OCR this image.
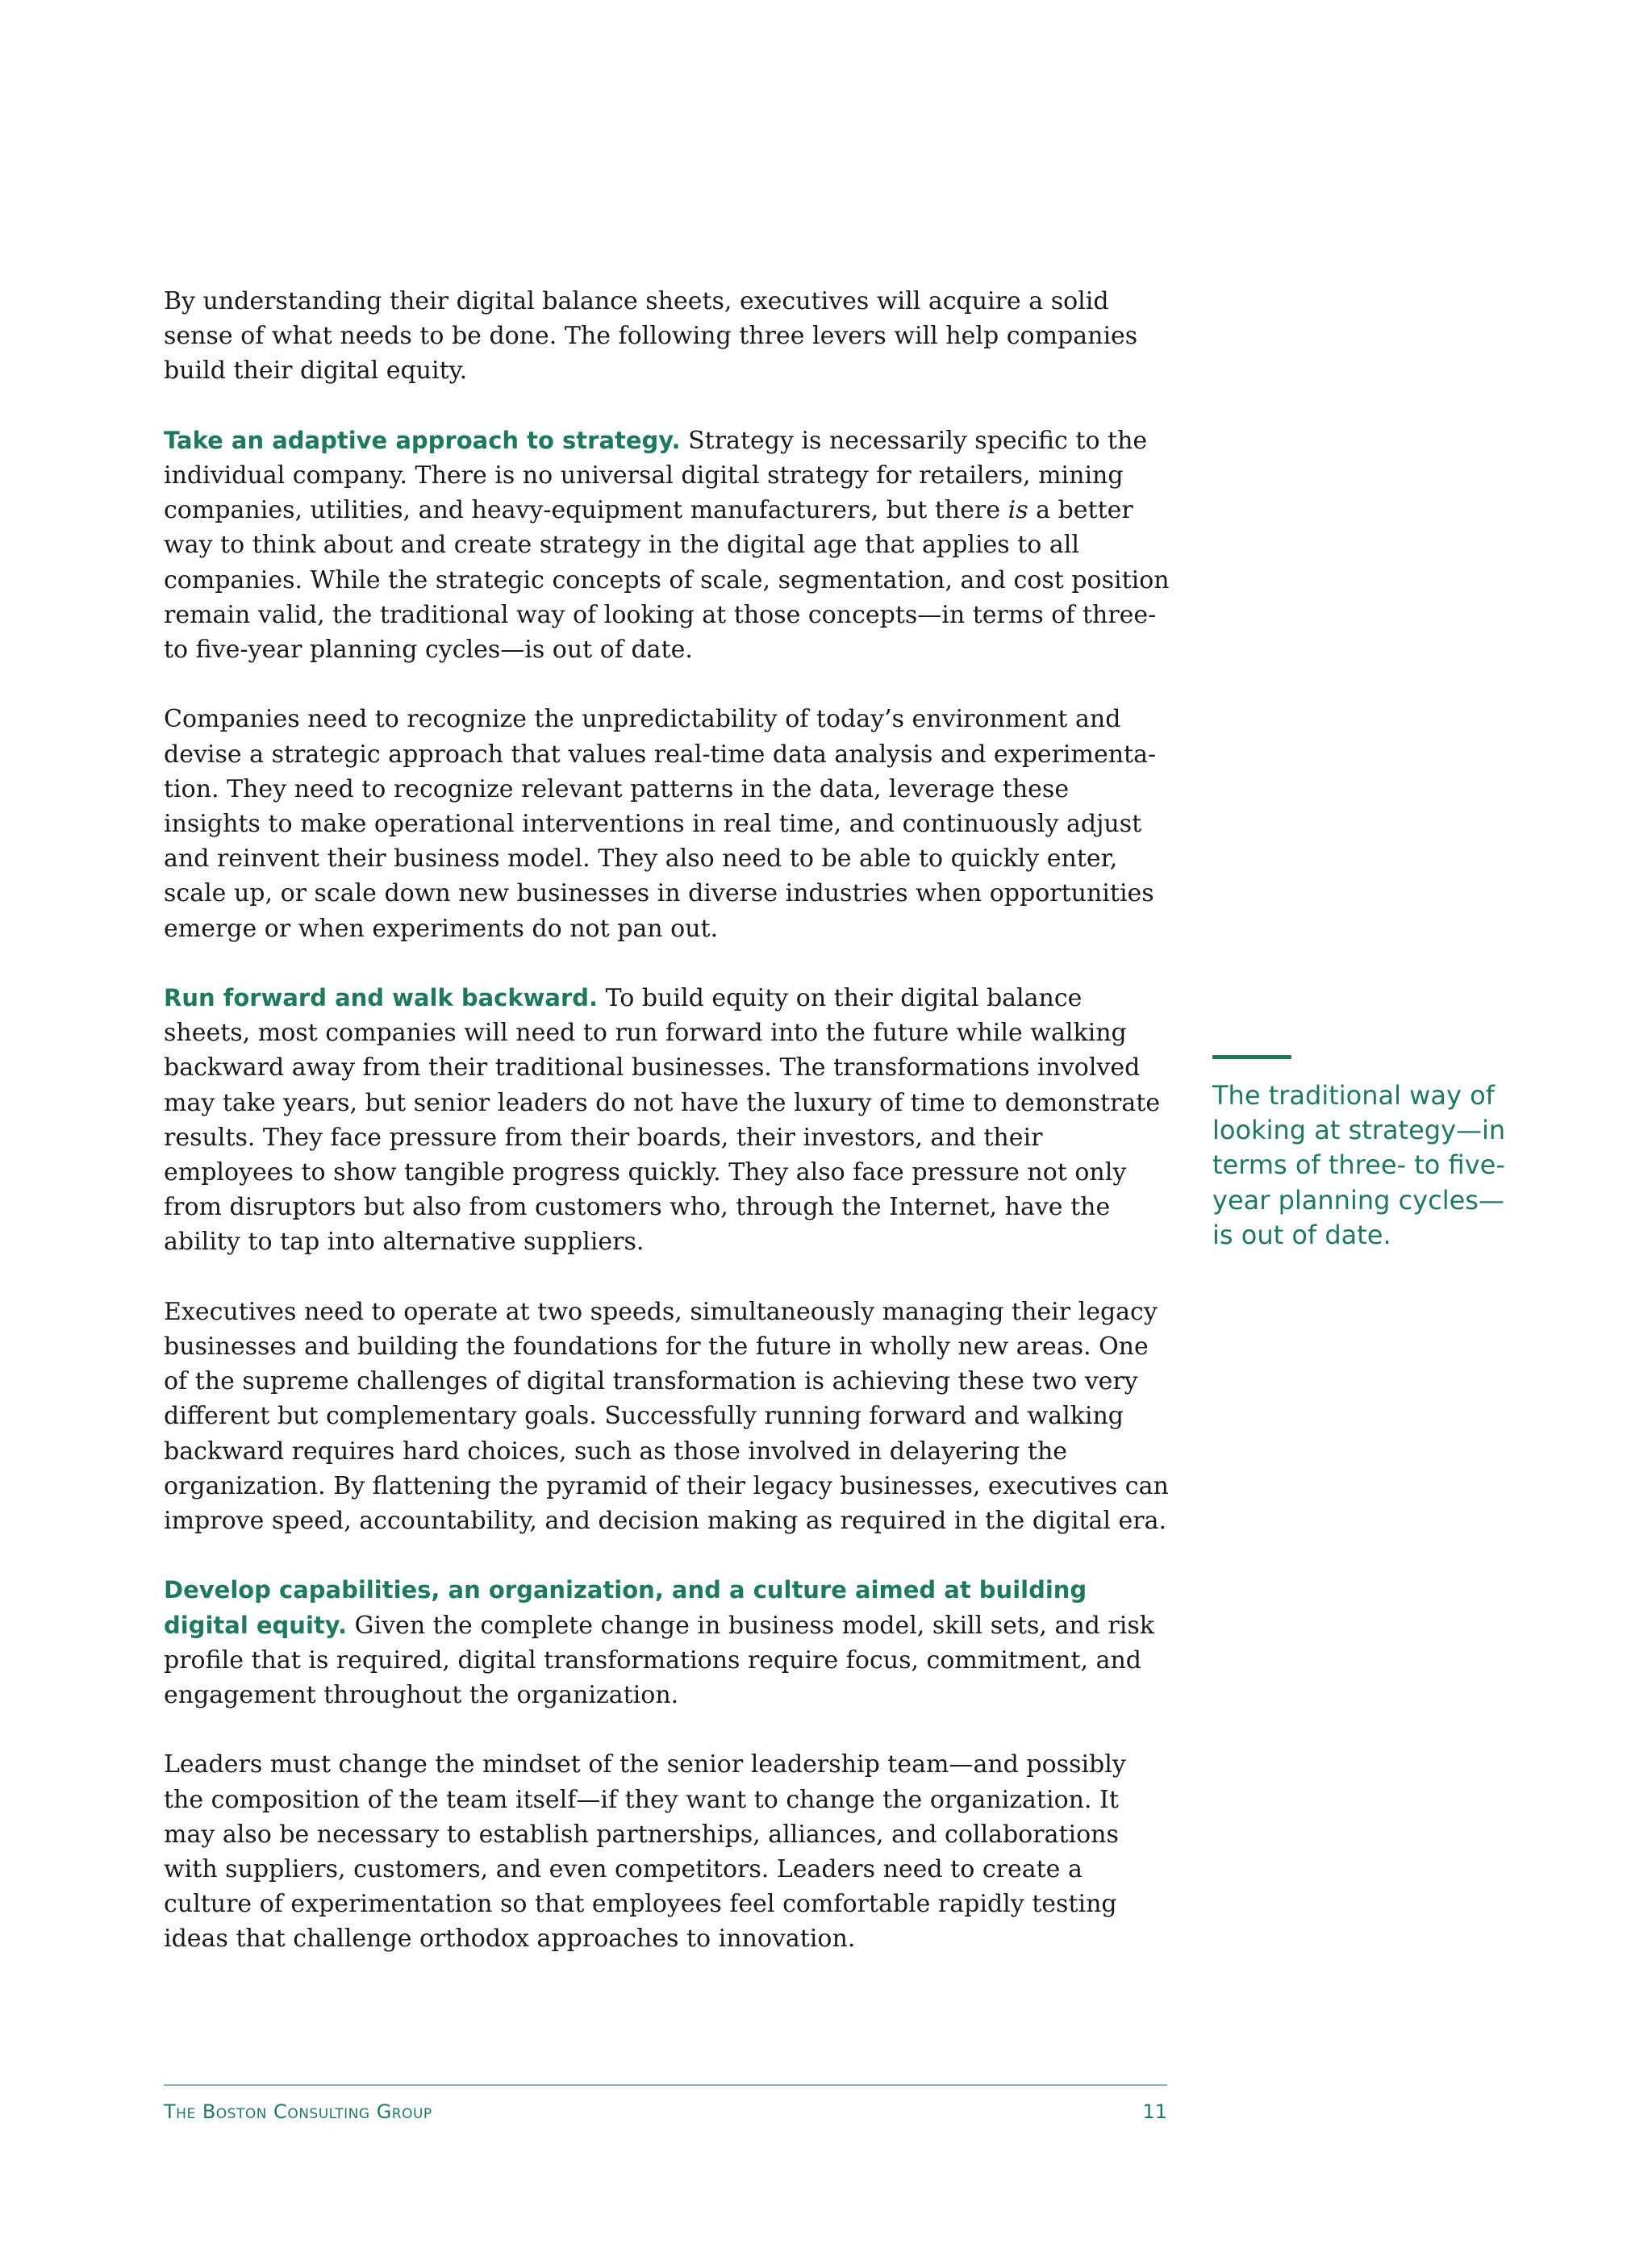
By understanding their digital balance sheets, executives will acquire a solid sense of what needs to be done. The following three levers will help companies build their digital equity.

Take an adaptive approach to strategy. Strategy is necessarily specific to the individual company. There is no universal digital strategy for retailers, mining companies, utilities, and heavy-equipment manufacturers, but there is a better way to think about and create strategy in the digital age that applies to all companies. While the strategic concepts of scale, segmentation, and cost position remain valid, the traditional way of looking at those concepts—in terms of three- to five-year planning cycles—is out of date.

Companies need to recognize the unpredictability of today’s environment and devise a strategic approach that values real-time data analysis and experimentation. They need to recognize relevant patterns in the data, leverage these insights to make operational interventions in real time, and continuously adjust and reinvent their business model. They also need to be able to quickly enter, scale up, or scale down new businesses in diverse industries when opportunities emerge or when experiments do not pan out.

Run forward and walk backward. To build equity on their digital balance sheets, most companies will need to run forward into the future while walking backward away from their traditional businesses. The transformations involved may take years, but senior leaders do not have the luxury of time to demonstrate results. They face pressure from their boards, their investors, and their employees to show tangible progress quickly. They also face pressure not only from disruptors but also from customers who, through the Internet, have the ability to tap into alternative suppliers.

Executives need to operate at two speeds, simultaneously managing their legacy businesses and building the foundations for the future in wholly new areas. One of the supreme challenges of digital transformation is achieving these two very different but complementary goals. Successfully running forward and walking backward requires hard choices, such as those involved in delayering the organization. By flattening the pyramid of their legacy businesses, executives can improve speed, accountability, and decision making as required in the digital era.

Develop capabilities, an organization, and a culture aimed at building digital equity. Given the complete change in business model, skill sets, and risk profile that is required, digital transformations require focus, commitment, and engagement throughout the organization.

Leaders must change the mindset of the senior leadership team—and possibly the composition of the team itself—if they want to change the organization. It may also be necessary to establish partnerships, alliances, and collaborations with suppliers, customers, and even competitors. Leaders need to create a culture of experimentation so that employees feel comfortable rapidly testing ideas that challenge orthodox approaches to innovation.

The traditional way of looking at strategy—in terms of three- to five-year planning cycles—is out of date.

The Boston Consulting Group	11
